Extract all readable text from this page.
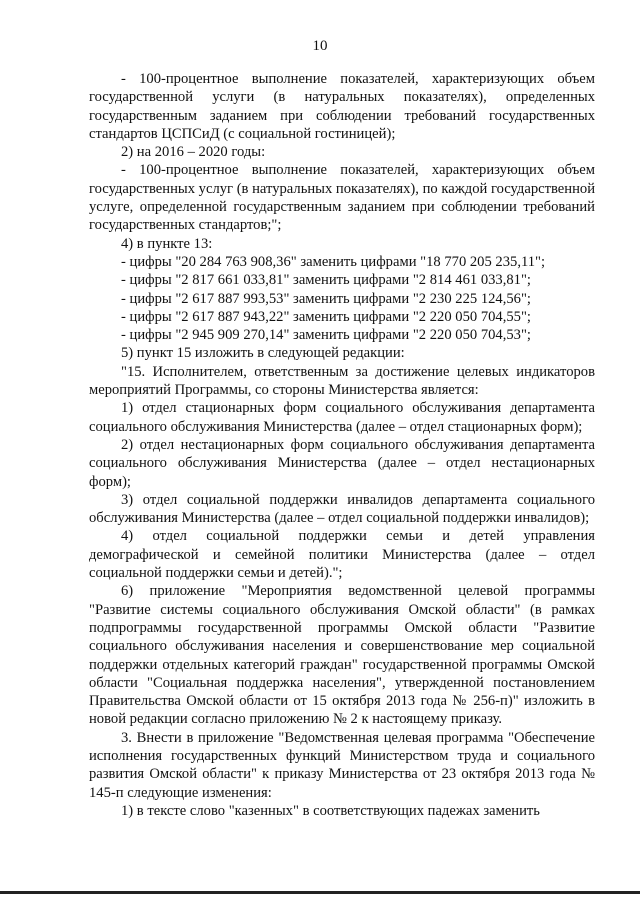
10

- 100-процентное выполнение показателей, характеризующих объем государственной услуги (в натуральных показателях), определенных государственным заданием при соблюдении требований государственных стандартов ЦСПСиД (с социальной гостиницей);

2) на 2016 – 2020 годы:

- 100-процентное выполнение показателей, характеризующих объем государственных услуг (в натуральных показателях), по каждой государственной услуге, определенной государственным заданием при соблюдении требований государственных стандартов;";

4) в пункте 13:

- цифры "20 284 763 908,36" заменить цифрами "18 770 205 235,11";

- цифры "2 817 661 033,81" заменить цифрами "2 814 461 033,81";

- цифры "2 617 887 993,53" заменить цифрами "2 230 225 124,56";

- цифры "2 617 887 943,22" заменить цифрами "2 220 050 704,55";

- цифры "2 945 909 270,14" заменить цифрами "2 220 050 704,53";

5) пункт 15 изложить в следующей редакции:

"15. Исполнителем, ответственным за достижение целевых индикаторов мероприятий Программы, со стороны Министерства является:

1) отдел стационарных форм социального обслуживания департамента социального обслуживания Министерства (далее – отдел стационарных форм);

2) отдел нестационарных форм социального обслуживания департамента социального обслуживания Министерства (далее – отдел нестационарных форм);

3) отдел социальной поддержки инвалидов департамента социального обслуживания Министерства (далее – отдел социальной поддержки инвалидов);

4) отдел социальной поддержки семьи и детей управления демографической и семейной политики Министерства (далее – отдел социальной поддержки семьи и детей).";

6) приложение "Мероприятия ведомственной целевой программы "Развитие системы социального обслуживания Омской области" (в рамках подпрограммы государственной программы Омской области "Развитие социального обслуживания населения и совершенствование мер социальной поддержки отдельных категорий граждан" государственной программы Омской области "Социальная поддержка населения", утвержденной постановлением Правительства Омской области от 15 октября 2013 года № 256-п)" изложить в новой редакции согласно приложению № 2 к настоящему приказу.

3. Внести в приложение "Ведомственная целевая программа "Обеспечение исполнения государственных функций Министерством труда и социального развития Омской области" к приказу Министерства от 23 октября 2013 года № 145-п следующие изменения:

1) в тексте слово "казенных" в соответствующих падежах заменить
